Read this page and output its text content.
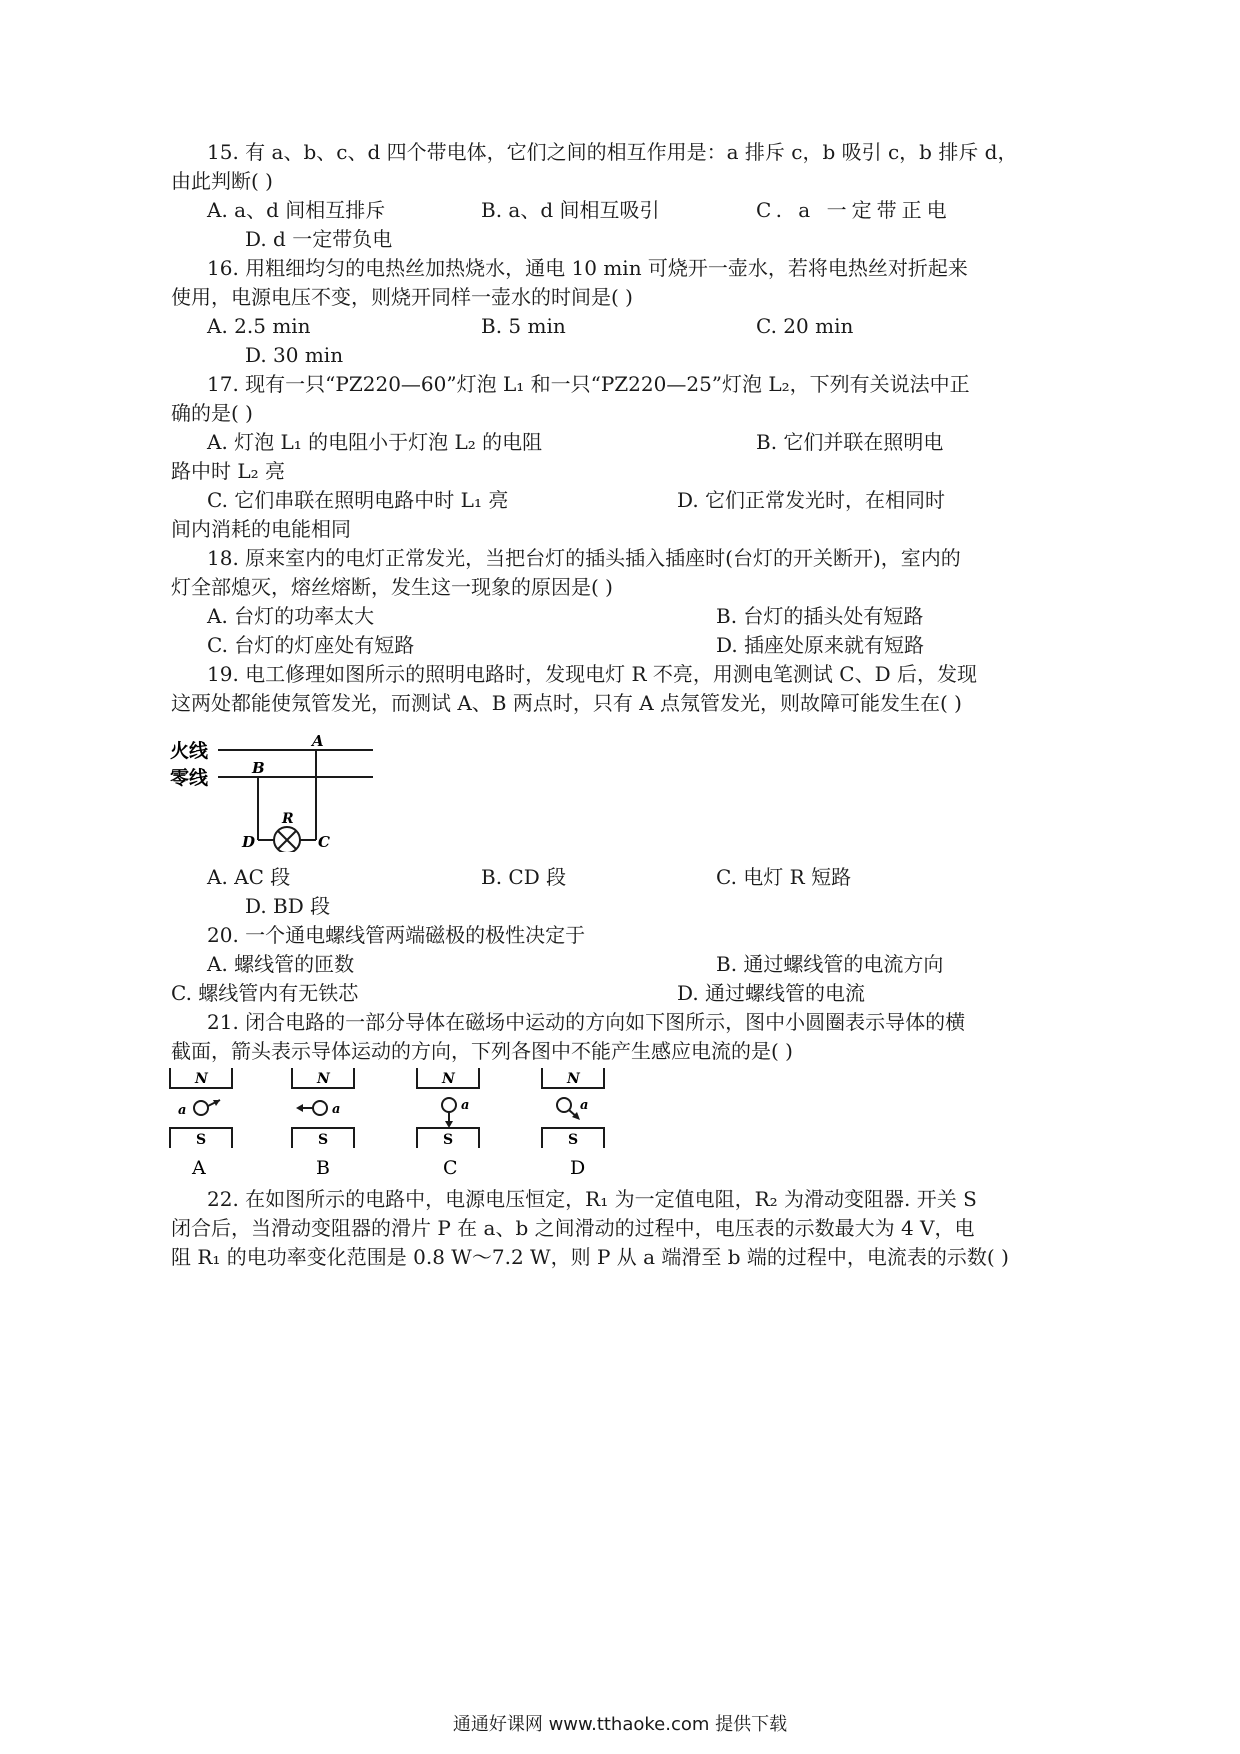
15. 有 a、b、c、d 四个带电体，它们之间的相互作用是：a 排斥 c，b 吸引 c，b 排斥 d，
由此判断( )
A. a、d 间相互排斥	B. a、d 间相互吸引	C. a 一定带正电
D. d 一定带负电
16. 用粗细均匀的电热丝加热烧水，通电 10 min 可烧开一壶水，若将电热丝对折起来
使用，电源电压不变，则烧开同样一壶水的时间是( )
A. 2.5 min	B. 5 min	C. 20 min
D. 30 min
17. 现有一只“PZ220—60”灯泡 L₁ 和一只“PZ220—25”灯泡 L₂，下列有关说法中正
确的是( )
A. 灯泡 L₁ 的电阻小于灯泡 L₂ 的电阻	B. 它们并联在照明电
路中时 L₂ 亮
C. 它们串联在照明电路中时 L₁ 亮	D. 它们正常发光时，在相同时
间内消耗的电能相同
18. 原来室内的电灯正常发光，当把台灯的插头插入插座时(台灯的开关断开)，室内的
灯全部熄灭，熔丝熔断，发生这一现象的原因是( )
A. 台灯的功率太大	B. 台灯的插头处有短路
C. 台灯的灯座处有短路	D. 插座处原来就有短路
19. 电工修理如图所示的照明电路时，发现电灯 R 不亮，用测电笔测试 C、D 后，发现
这两处都能使氖管发光，而测试 A、B 两点时，只有 A 点氖管发光，则故障可能发生在( )
火线
零线
A
B
R
D	C
A. AC 段	B. CD 段	C. 电灯 R 短路
D. BD 段
20. 一个通电螺线管两端磁极的极性决定于
A. 螺线管的匝数	B. 通过螺线管的电流方向
C. 螺线管内有无铁芯	D. 通过螺线管的电流
21. 闭合电路的一部分导体在磁场中运动的方向如下图所示，图中小圆圈表示导体的横
截面，箭头表示导体运动的方向，下列各图中不能产生感应电流的是( )
N
S
a
A
N
S
a
B
N
S
a
C
N
S
a
D
22. 在如图所示的电路中，电源电压恒定，R₁ 为一定值电阻，R₂ 为滑动变阻器. 开关 S
闭合后，当滑动变阻器的滑片 P 在 a、b 之间滑动的过程中，电压表的示数最大为 4 V，电
阻 R₁ 的电功率变化范围是 0.8 W～7.2 W，则 P 从 a 端滑至 b 端的过程中，电流表的示数( )
通通好课网 www.tthaoke.com 提供下载
